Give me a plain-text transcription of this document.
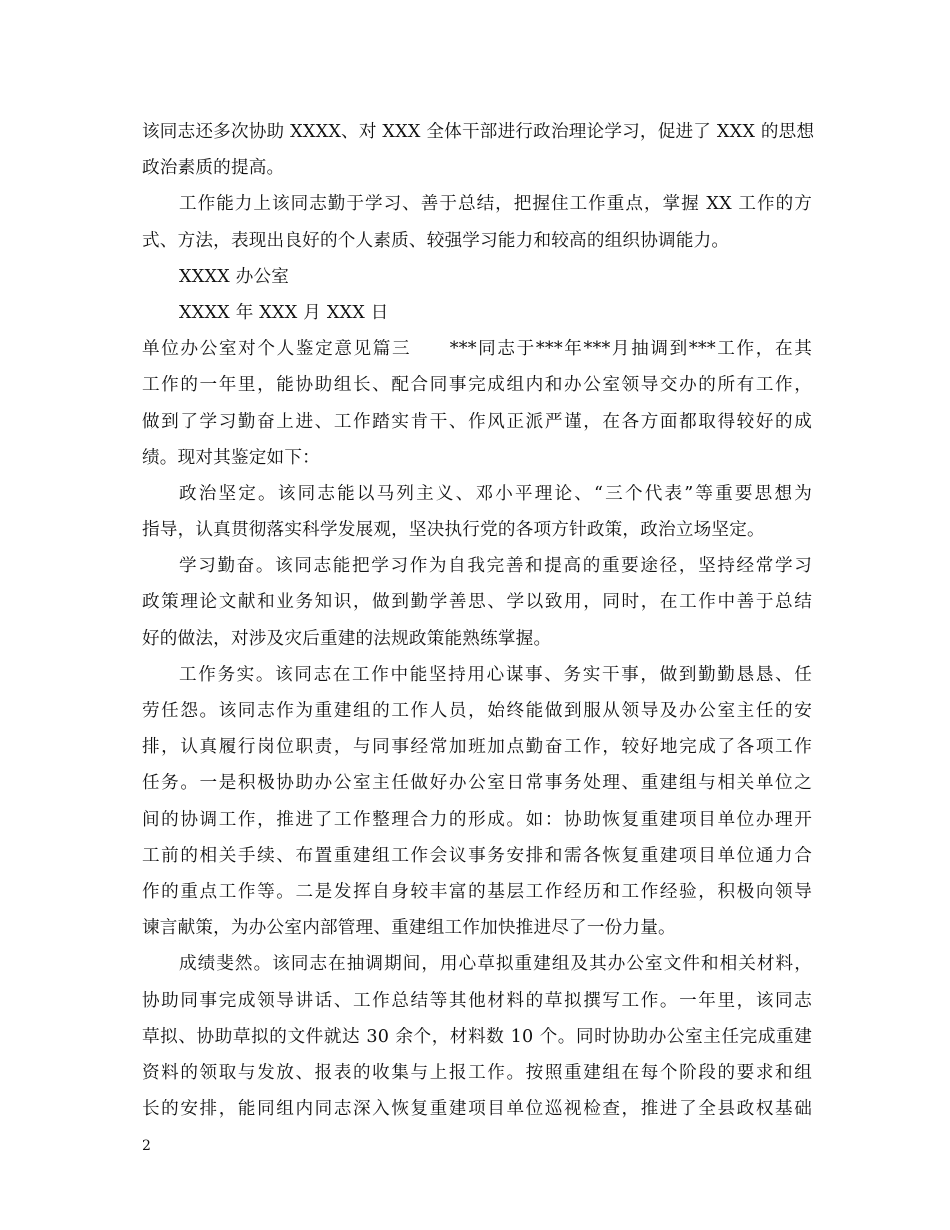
该同志还多次协助 XXXX、对 XXX 全体干部进行政治理论学习，促进了 XXX 的思想
政治素质的提高。
工作能力上该同志勤于学习、善于总结，把握住工作重点，掌握 XX 工作的方
式、方法，表现出良好的个人素质、较强学习能力和较高的组织协调能力。
XXXX 办公室
XXXX 年 XXX 月 XXX 日
单位办公室对个人鉴定意见篇三　　***同志于***年***月抽调到***工作，在其
工作的一年里，能协助组长、配合同事完成组内和办公室领导交办的所有工作，
做到了学习勤奋上进、工作踏实肯干、作风正派严谨，在各方面都取得较好的成
绩。现对其鉴定如下：
政治坚定。该同志能以马列主义、邓小平理论、“三个代表”等重要思想为
指导，认真贯彻落实科学发展观，坚决执行党的各项方针政策，政治立场坚定。
学习勤奋。该同志能把学习作为自我完善和提高的重要途径，坚持经常学习
政策理论文献和业务知识，做到勤学善思、学以致用，同时，在工作中善于总结
好的做法，对涉及灾后重建的法规政策能熟练掌握。
工作务实。该同志在工作中能坚持用心谋事、务实干事，做到勤勤恳恳、任
劳任怨。该同志作为重建组的工作人员，始终能做到服从领导及办公室主任的安
排，认真履行岗位职责，与同事经常加班加点勤奋工作，较好地完成了各项工作
任务。一是积极协助办公室主任做好办公室日常事务处理、重建组与相关单位之
间的协调工作，推进了工作整理合力的形成。如：协助恢复重建项目单位办理开
工前的相关手续、布置重建组工作会议事务安排和需各恢复重建项目单位通力合
作的重点工作等。二是发挥自身较丰富的基层工作经历和工作经验，积极向领导
谏言献策，为办公室内部管理、重建组工作加快推进尽了一份力量。
成绩斐然。该同志在抽调期间，用心草拟重建组及其办公室文件和相关材料，
协助同事完成领导讲话、工作总结等其他材料的草拟撰写工作。一年里，该同志
草拟、协助草拟的文件就达 30 余个，材料数 10 个。同时协助办公室主任完成重建
资料的领取与发放、报表的收集与上报工作。按照重建组在每个阶段的要求和组
长的安排，能同组内同志深入恢复重建项目单位巡视检查，推进了全县政权基础
2
